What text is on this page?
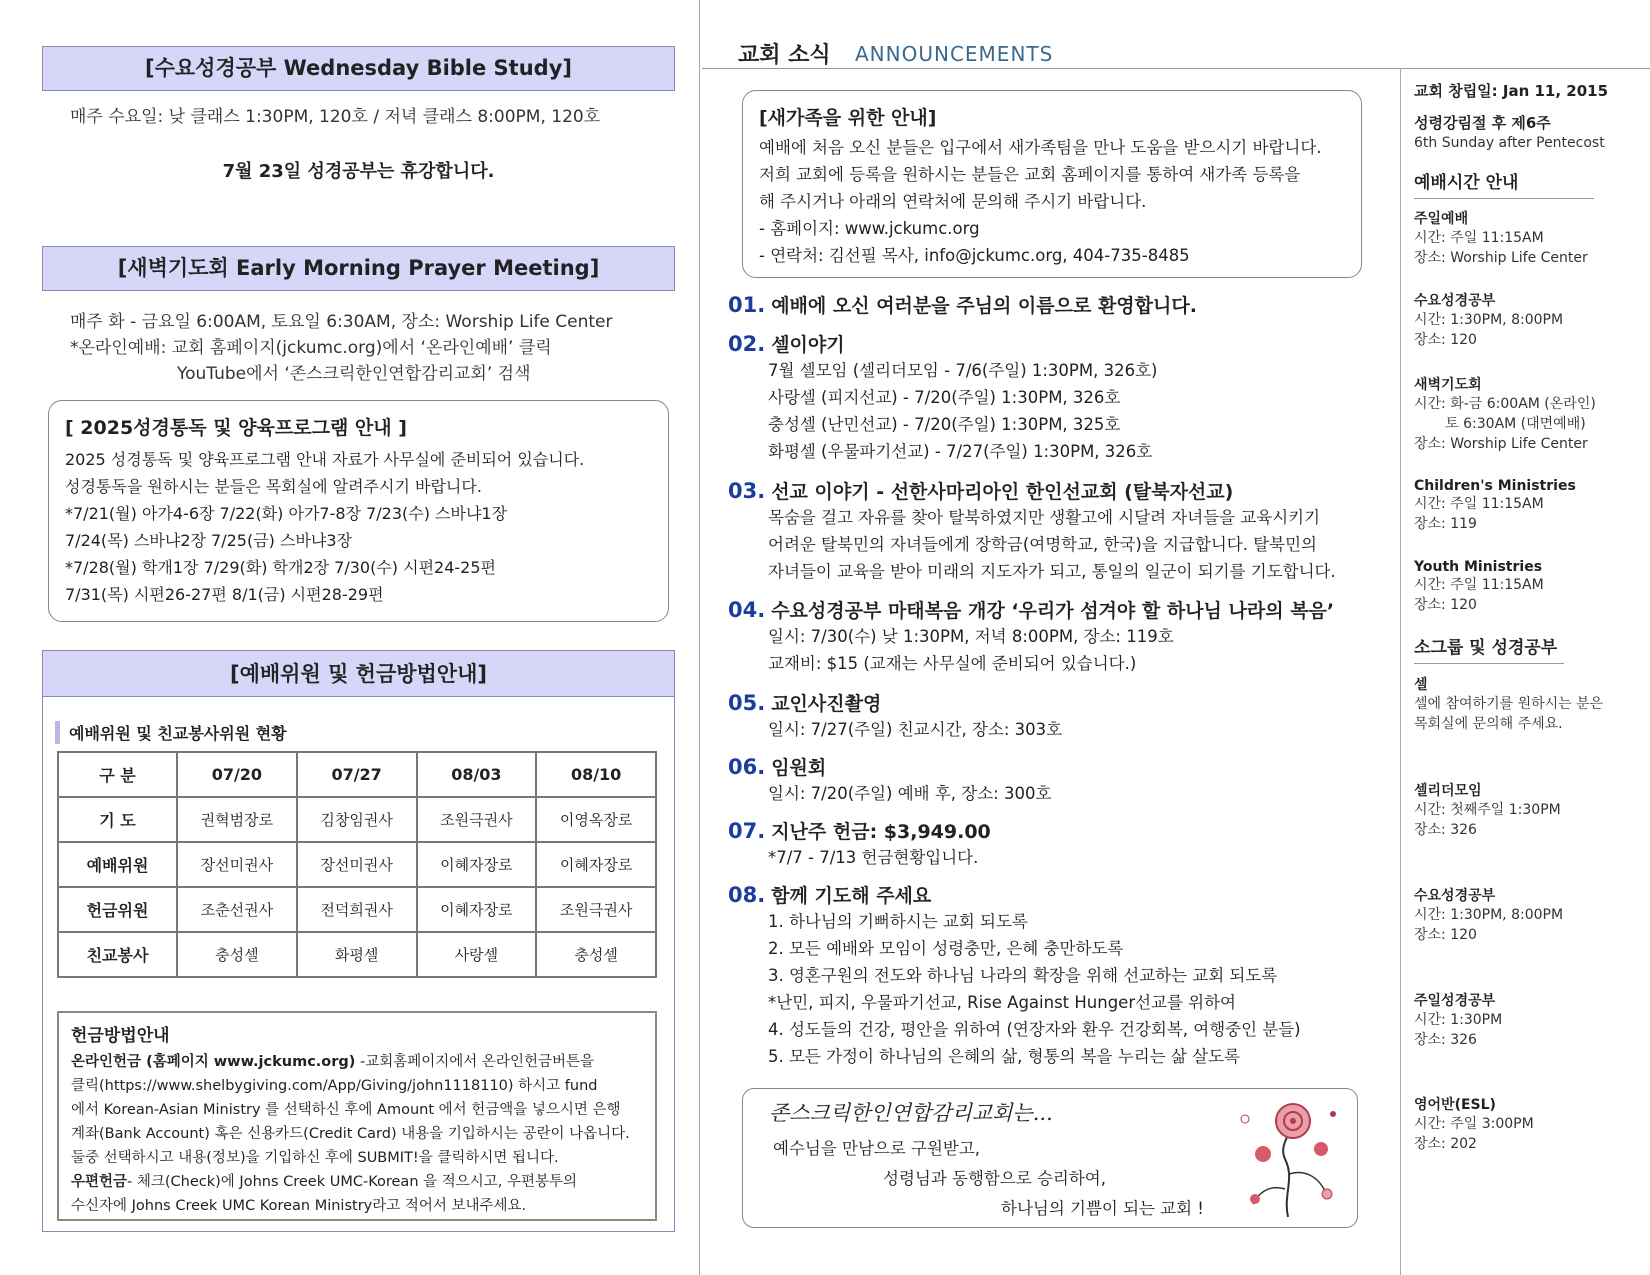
[수요성경공부 Wednesday Bible Study]
매주 수요일: 낮 클래스 1:30PM, 120호 / 저녁 클래스 8:00PM, 120호
7월 23일 성경공부는 휴강합니다.
[새벽기도회 Early Morning Prayer Meeting]
매주 화 - 금요일 6:00AM, 토요일 6:30AM, 장소: Worship Life Center
*온라인예배: 교회 홈페이지(jckumc.org)에서 ‘온라인예배’ 클릭
YouTube에서 ‘존스크릭한인연합감리교회’ 검색
[ 2025성경통독 및 양육프로그램 안내 ]
2025 성경통독 및 양육프로그램 안내 자료가 사무실에 준비되어 있습니다.
성경통독을 원하시는 분들은 목회실에 알려주시기 바랍니다.
*7/21(월) 아가4-6장 7/22(화) 아가7-8장 7/23(수) 스바냐1장
7/24(목) 스바냐2장 7/25(금) 스바냐3장
*7/28(월) 학개1장 7/29(화) 학개2장 7/30(수) 시편24-25편
7/31(목) 시편26-27편 8/1(금) 시편28-29편
[예배위원 및 헌금방법안내]
예배위원 및 친교봉사위원 현황
구 분	07/20	07/27	08/03	08/10
기 도	권혁범장로	김창임권사	조원극권사	이영옥장로
예배위원	장선미권사	장선미권사	이혜자장로	이혜자장로
헌금위원	조춘선권사	전덕희권사	이혜자장로	조원극권사
친교봉사	충성셀	화평셀	사랑셀	충성셀
헌금방법안내
온라인헌금 (홈페이지 www.jckumc.org) -교회홈페이지에서 온라인헌금버튼을
클릭(https://www.shelbygiving.com/App/Giving/john1118110) 하시고 fund
에서 Korean-Asian Ministry 를 선택하신 후에 Amount 에서 헌금액을 넣으시면 은행
계좌(Bank Account) 혹은 신용카드(Credit Card) 내용을 기입하시는 공란이 나옵니다.
둘중 선택하시고 내용(정보)을 기입하신 후에 SUBMIT!을 클릭하시면 됩니다.
우편헌금- 체크(Check)에 Johns Creek UMC-Korean 을 적으시고, 우편봉투의
수신자에 Johns Creek UMC Korean Ministry라고 적어서 보내주세요.
교회 소식 ANNOUNCEMENTS
[새가족을 위한 안내]
예배에 처음 오신 분들은 입구에서 새가족팀을 만나 도움을 받으시기 바랍니다.
저희 교회에 등록을 원하시는 분들은 교회 홈페이지를 통하여 새가족 등록을
해 주시거나 아래의 연락처에 문의해 주시기 바랍니다.
- 홈페이지: www.jckumc.org
- 연락처: 김선필 목사, info@jckumc.org, 404-735-8485
01. 예배에 오신 여러분을 주님의 이름으로 환영합니다.
02. 셀이야기
7월 셀모임 (셀리더모임 - 7/6(주일) 1:30PM, 326호)
사랑셀 (피지선교) - 7/20(주일) 1:30PM, 326호
충성셀 (난민선교) - 7/20(주일) 1:30PM, 325호
화평셀 (우물파기선교) - 7/27(주일) 1:30PM, 326호
03. 선교 이야기 - 선한사마리아인 한인선교회 (탈북자선교)
목숨을 걸고 자유를 찾아 탈북하였지만 생활고에 시달려 자녀들을 교육시키기
어려운 탈북민의 자녀들에게 장학금(여명학교, 한국)을 지급합니다. 탈북민의
자녀들이 교육을 받아 미래의 지도자가 되고, 통일의 일군이 되기를 기도합니다.
04. 수요성경공부 마태복음 개강 ‘우리가 섬겨야 할 하나님 나라의 복음’
일시: 7/30(수) 낮 1:30PM, 저녁 8:00PM, 장소: 119호
교재비: $15 (교재는 사무실에 준비되어 있습니다.)
05. 교인사진촬영
일시: 7/27(주일) 친교시간, 장소: 303호
06. 임원회
일시: 7/20(주일) 예배 후, 장소: 300호
07. 지난주 헌금: $3,949.00
*7/7 - 7/13 헌금현황입니다.
08. 함께 기도해 주세요
1. 하나님의 기뻐하시는 교회 되도록
2. 모든 예배와 모임이 성령충만, 은혜 충만하도록
3. 영혼구원의 전도와 하나님 나라의 확장을 위해 선교하는 교회 되도록
*난민, 피지, 우물파기선교, Rise Against Hunger선교를 위하여
4. 성도들의 건강, 평안을 위하여 (연장자와 환우 건강회복, 여행중인 분들)
5. 모든 가정이 하나님의 은혜의 삶, 형통의 복을 누리는 삶 살도록
존스크릭한인연합감리교회는...
예수님을 만남으로 구원받고,
성령님과 동행함으로 승리하여,
하나님의 기쁨이 되는 교회 !
교회 창립일: Jan 11, 2015
성령강림절 후 제6주
6th Sunday after Pentecost
예배시간 안내
주일예배
시간: 주일 11:15AM
장소: Worship Life Center
수요성경공부
시간: 1:30PM, 8:00PM
장소: 120
새벽기도회
시간: 화-금 6:00AM (온라인)
토 6:30AM (대면예배)
장소: Worship Life Center
Children's Ministries
시간: 주일 11:15AM
장소: 119
Youth Ministries
시간: 주일 11:15AM
장소: 120
소그룹 및 성경공부
셀
셀에 참여하기를 원하시는 분은
목회실에 문의해 주세요.
셀리더모임
시간: 첫째주일 1:30PM
장소: 326
수요성경공부
시간: 1:30PM, 8:00PM
장소: 120
주일성경공부
시간: 1:30PM
장소: 326
영어반(ESL)
시간: 주일 3:00PM
장소: 202
